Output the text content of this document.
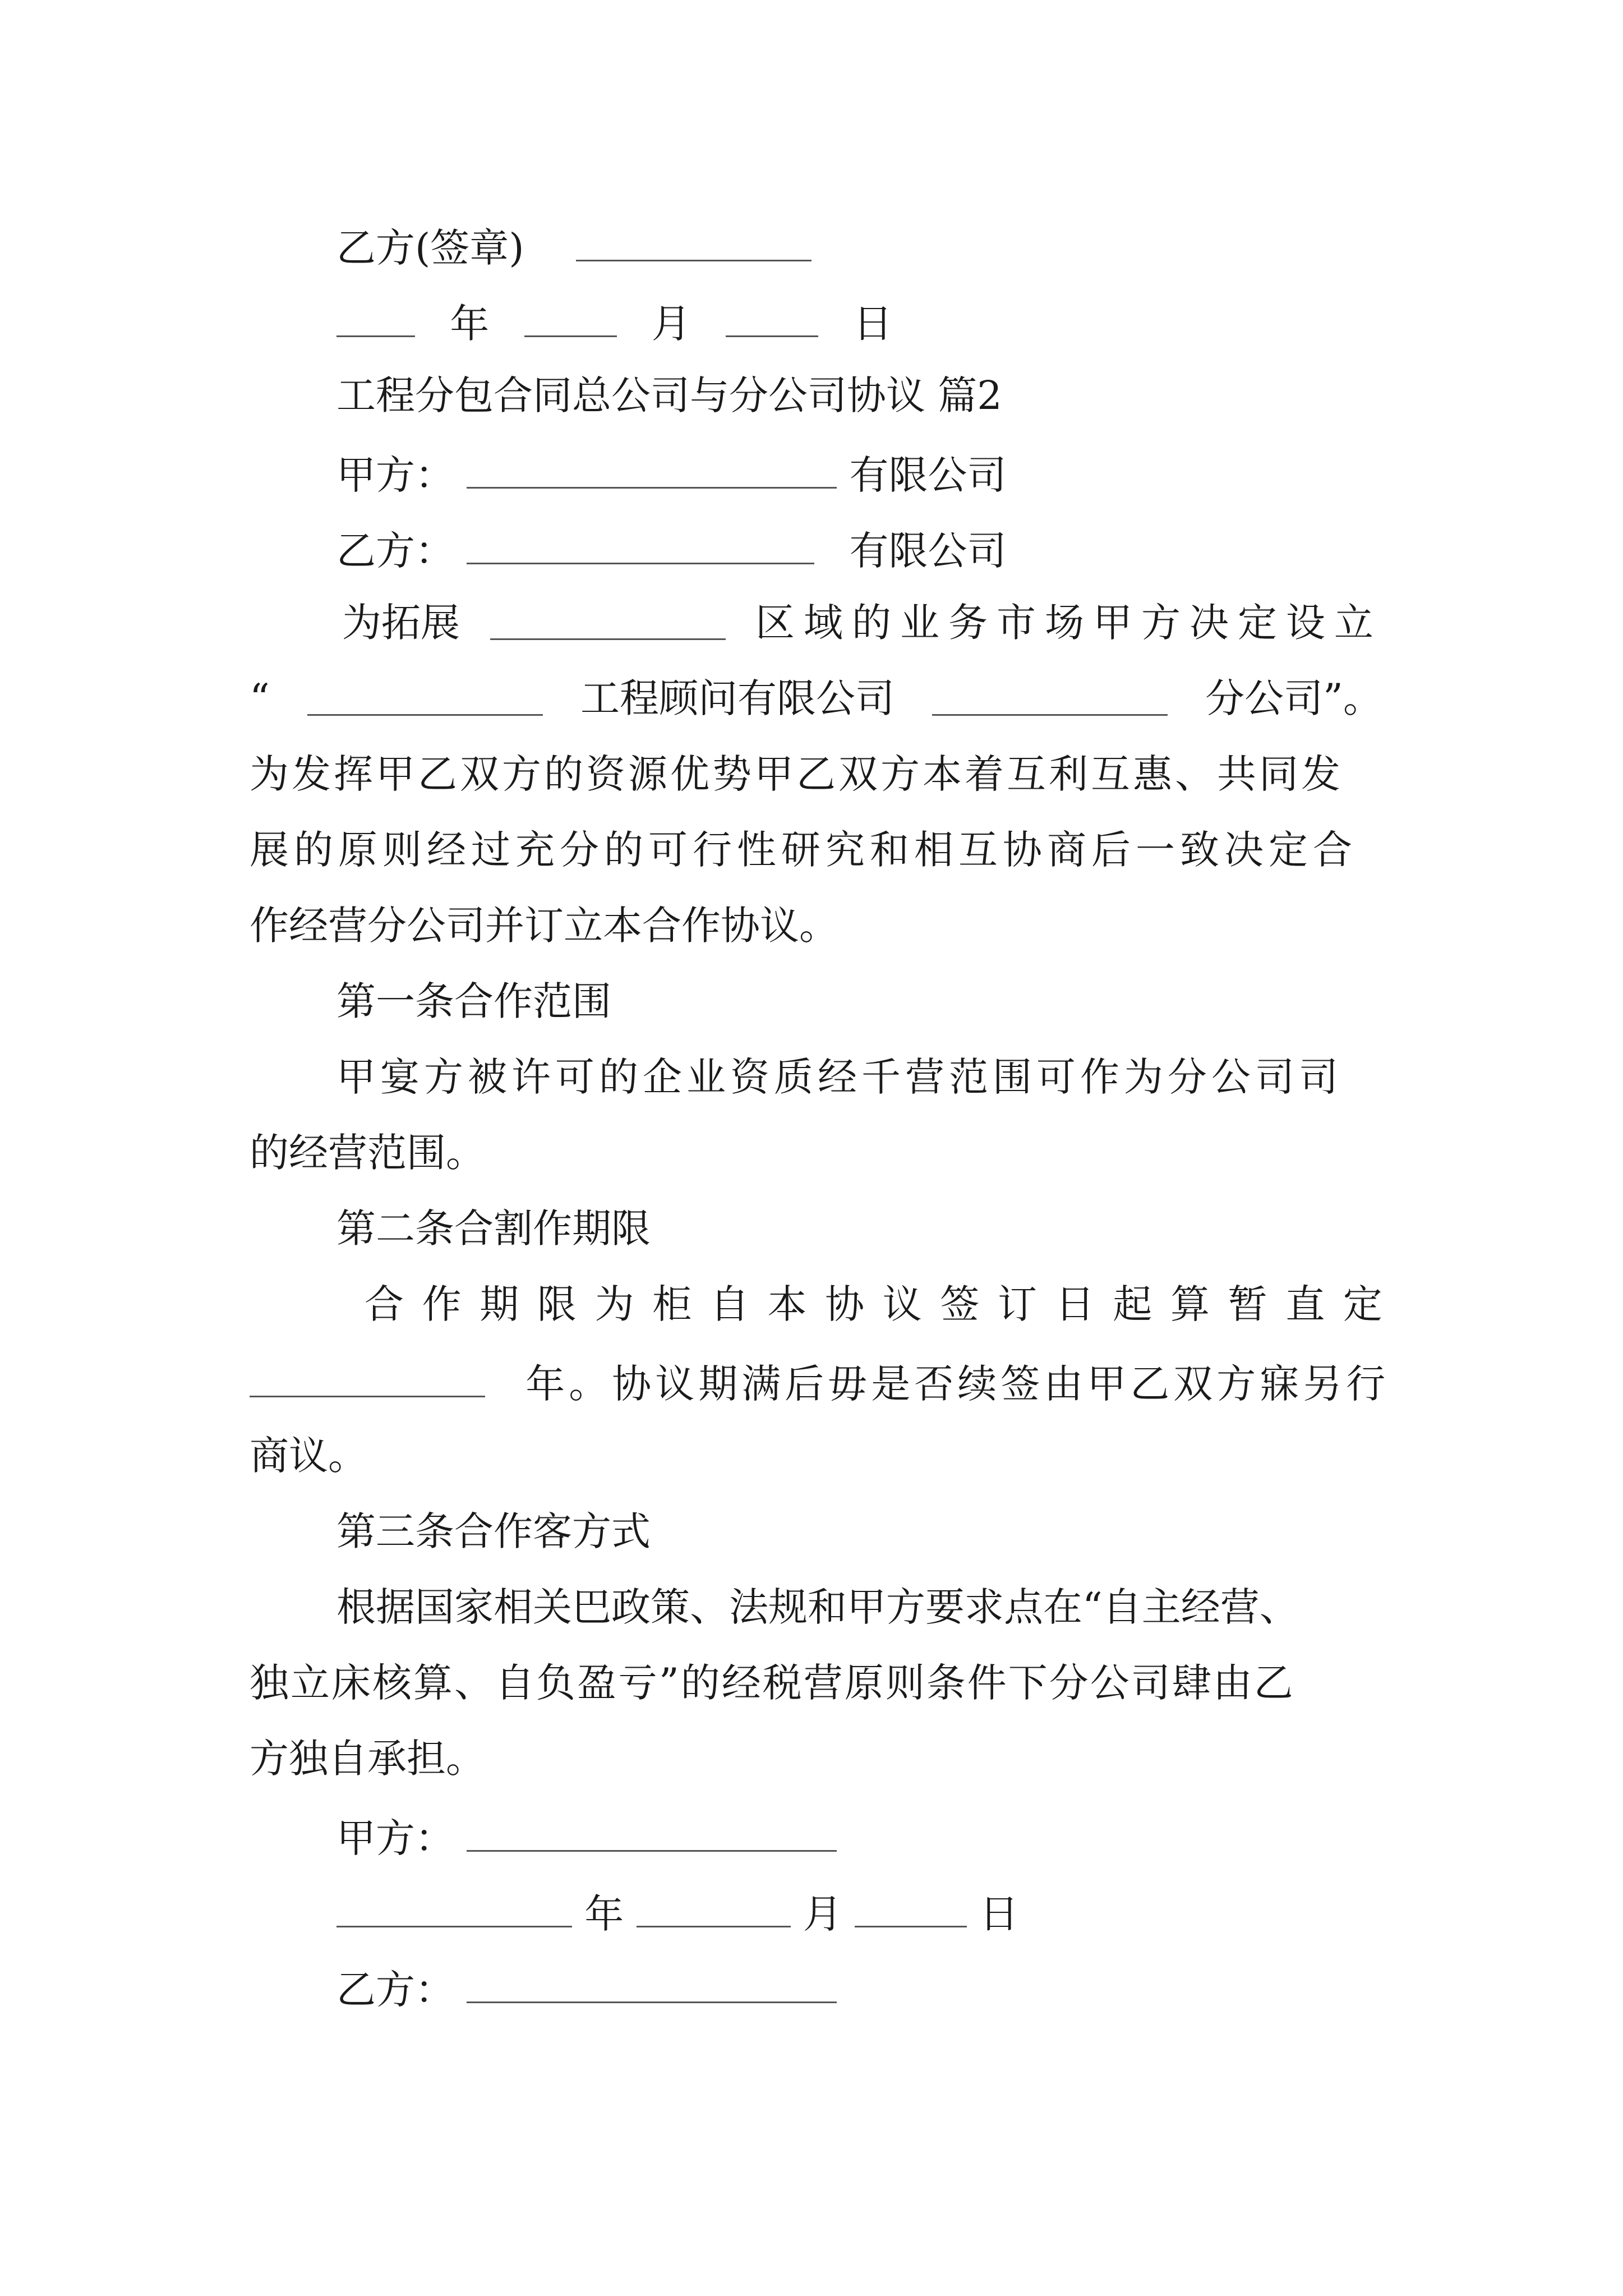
乙方(签章)
年	月	日
工程分包合同总公司与分公司协议 篇2
甲方：	有限公司
乙方：	有限公司
为拓展	区域的业务市场甲方决定设立
“	工程顾问有限公司	分公司”。
为发挥甲乙双方的资源优势甲乙双方本着互利互惠、共同发
展的原则经过充分的可行性研究和相互协商后一致决定合
作经营分公司并订立本合作协议。
第一条合作范围
甲宴方被许可的企业资质经千营范围可作为分公司司
的经营范围。
第二条合割作期限
合 作 期 限 为 柜 自 本 协 议 签 订 日 起 算 暂 直 定
年。协议期满后毋是否续签由甲乙双方寐另行
商议。
第三条合作客方式
根据国家相关巴政策、法规和甲方要求点在“自主经营、
独立床核算、自负盈亏”的经税营原则条件下分公司肆由乙
方独自承担。
甲方：
年	月	日
乙方：
